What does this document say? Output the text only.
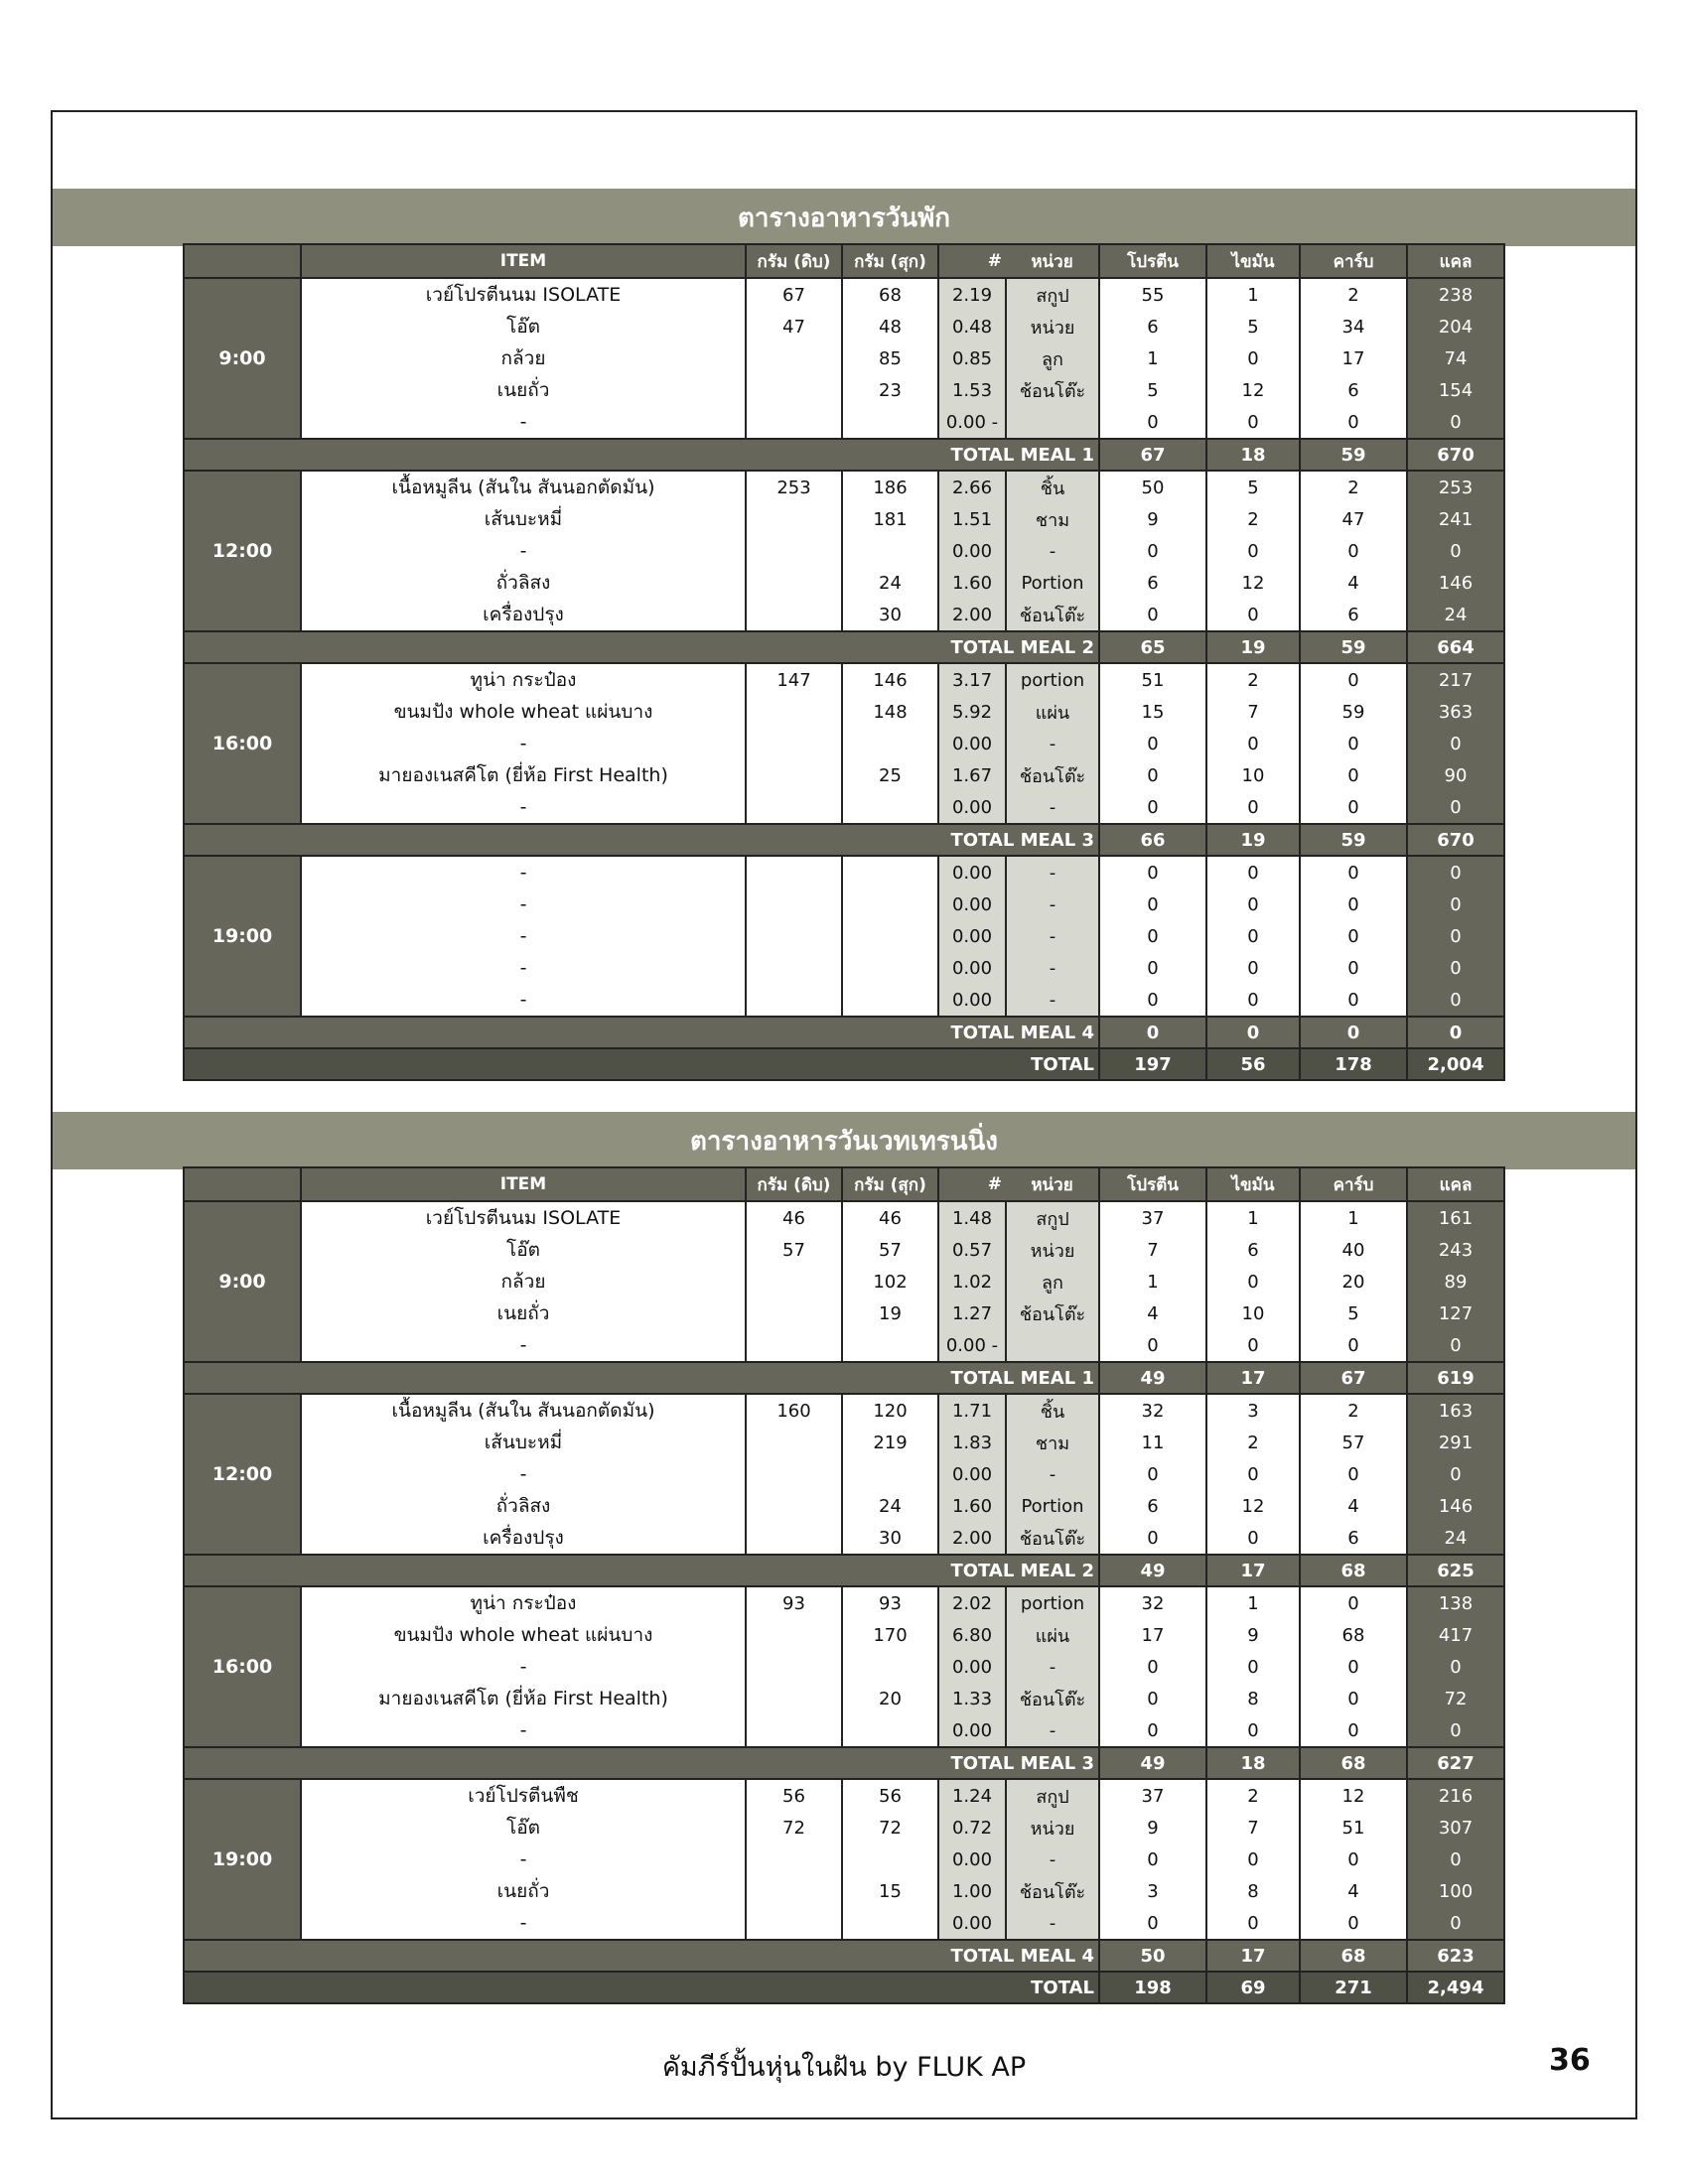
ตารางอาหารวันพัก
	ITEM	กรัม (ดิบ)	กรัม (สุก)	#	หน่วย	โปรตีน	ไขมัน	คาร์บ	แคล
9:00	เวย์โปรตีนนม ISOLATE	67	68	2.19	สกูป	55	1	2	238
	โอ๊ต	47	48	0.48	หน่วย	6	5	34	204
	กล้วย		85	0.85	ลูก	1	0	17	74
	เนยถั่ว		23	1.53	ช้อนโต๊ะ	5	12	6	154
	-			0.00 -		0	0	0	0
TOTAL MEAL 1						67	18	59	670
12:00	เนื้อหมูลีน (สันใน สันนอกตัดมัน)	253	186	2.66	ชิ้น	50	5	2	253
	เส้นบะหมี่		181	1.51	ชาม	9	2	47	241
	-			0.00	-	0	0	0	0
	ถั่วลิสง		24	1.60	Portion	6	12	4	146
	เครื่องปรุง		30	2.00	ช้อนโต๊ะ	0	0	6	24
TOTAL MEAL 2						65	19	59	664
16:00	ทูน่า กระป๋อง	147	146	3.17	portion	51	2	0	217
	ขนมปัง whole wheat แผ่นบาง		148	5.92	แผ่น	15	7	59	363
	-			0.00	-	0	0	0	0
	มายองเนสคีโต (ยี่ห้อ First Health)		25	1.67	ช้อนโต๊ะ	0	10	0	90
	-			0.00	-	0	0	0	0
TOTAL MEAL 3						66	19	59	670
19:00	-			0.00	-	0	0	0	0
	-			0.00	-	0	0	0	0
	-			0.00	-	0	0	0	0
	-			0.00	-	0	0	0	0
	-			0.00	-	0	0	0	0
TOTAL MEAL 4						0	0	0	0
TOTAL						197	56	178	2,004
ตารางอาหารวันเวทเทรนนิ่ง
	ITEM	กรัม (ดิบ)	กรัม (สุก)	#	หน่วย	โปรตีน	ไขมัน	คาร์บ	แคล
9:00	เวย์โปรตีนนม ISOLATE	46	46	1.48	สกูป	37	1	1	161
	โอ๊ต	57	57	0.57	หน่วย	7	6	40	243
	กล้วย		102	1.02	ลูก	1	0	20	89
	เนยถั่ว		19	1.27	ช้อนโต๊ะ	4	10	5	127
	-			0.00 -		0	0	0	0
TOTAL MEAL 1						49	17	67	619
12:00	เนื้อหมูลีน (สันใน สันนอกตัดมัน)	160	120	1.71	ชิ้น	32	3	2	163
	เส้นบะหมี่		219	1.83	ชาม	11	2	57	291
	-			0.00	-	0	0	0	0
	ถั่วลิสง		24	1.60	Portion	6	12	4	146
	เครื่องปรุง		30	2.00	ช้อนโต๊ะ	0	0	6	24
TOTAL MEAL 2						49	17	68	625
16:00	ทูน่า กระป๋อง	93	93	2.02	portion	32	1	0	138
	ขนมปัง whole wheat แผ่นบาง		170	6.80	แผ่น	17	9	68	417
	-			0.00	-	0	0	0	0
	มายองเนสคีโต (ยี่ห้อ First Health)		20	1.33	ช้อนโต๊ะ	0	8	0	72
	-			0.00	-	0	0	0	0
TOTAL MEAL 3						49	18	68	627
19:00	เวย์โปรตีนพืช	56	56	1.24	สกูป	37	2	12	216
	โอ๊ต	72	72	0.72	หน่วย	9	7	51	307
	-			0.00	-	0	0	0	0
	เนยถั่ว		15	1.00	ช้อนโต๊ะ	3	8	4	100
	-			0.00	-	0	0	0	0
TOTAL MEAL 4						50	17	68	623
TOTAL						198	69	271	2,494
คัมภีร์ปั้นหุ่นในฝัน by FLUK AP	36
